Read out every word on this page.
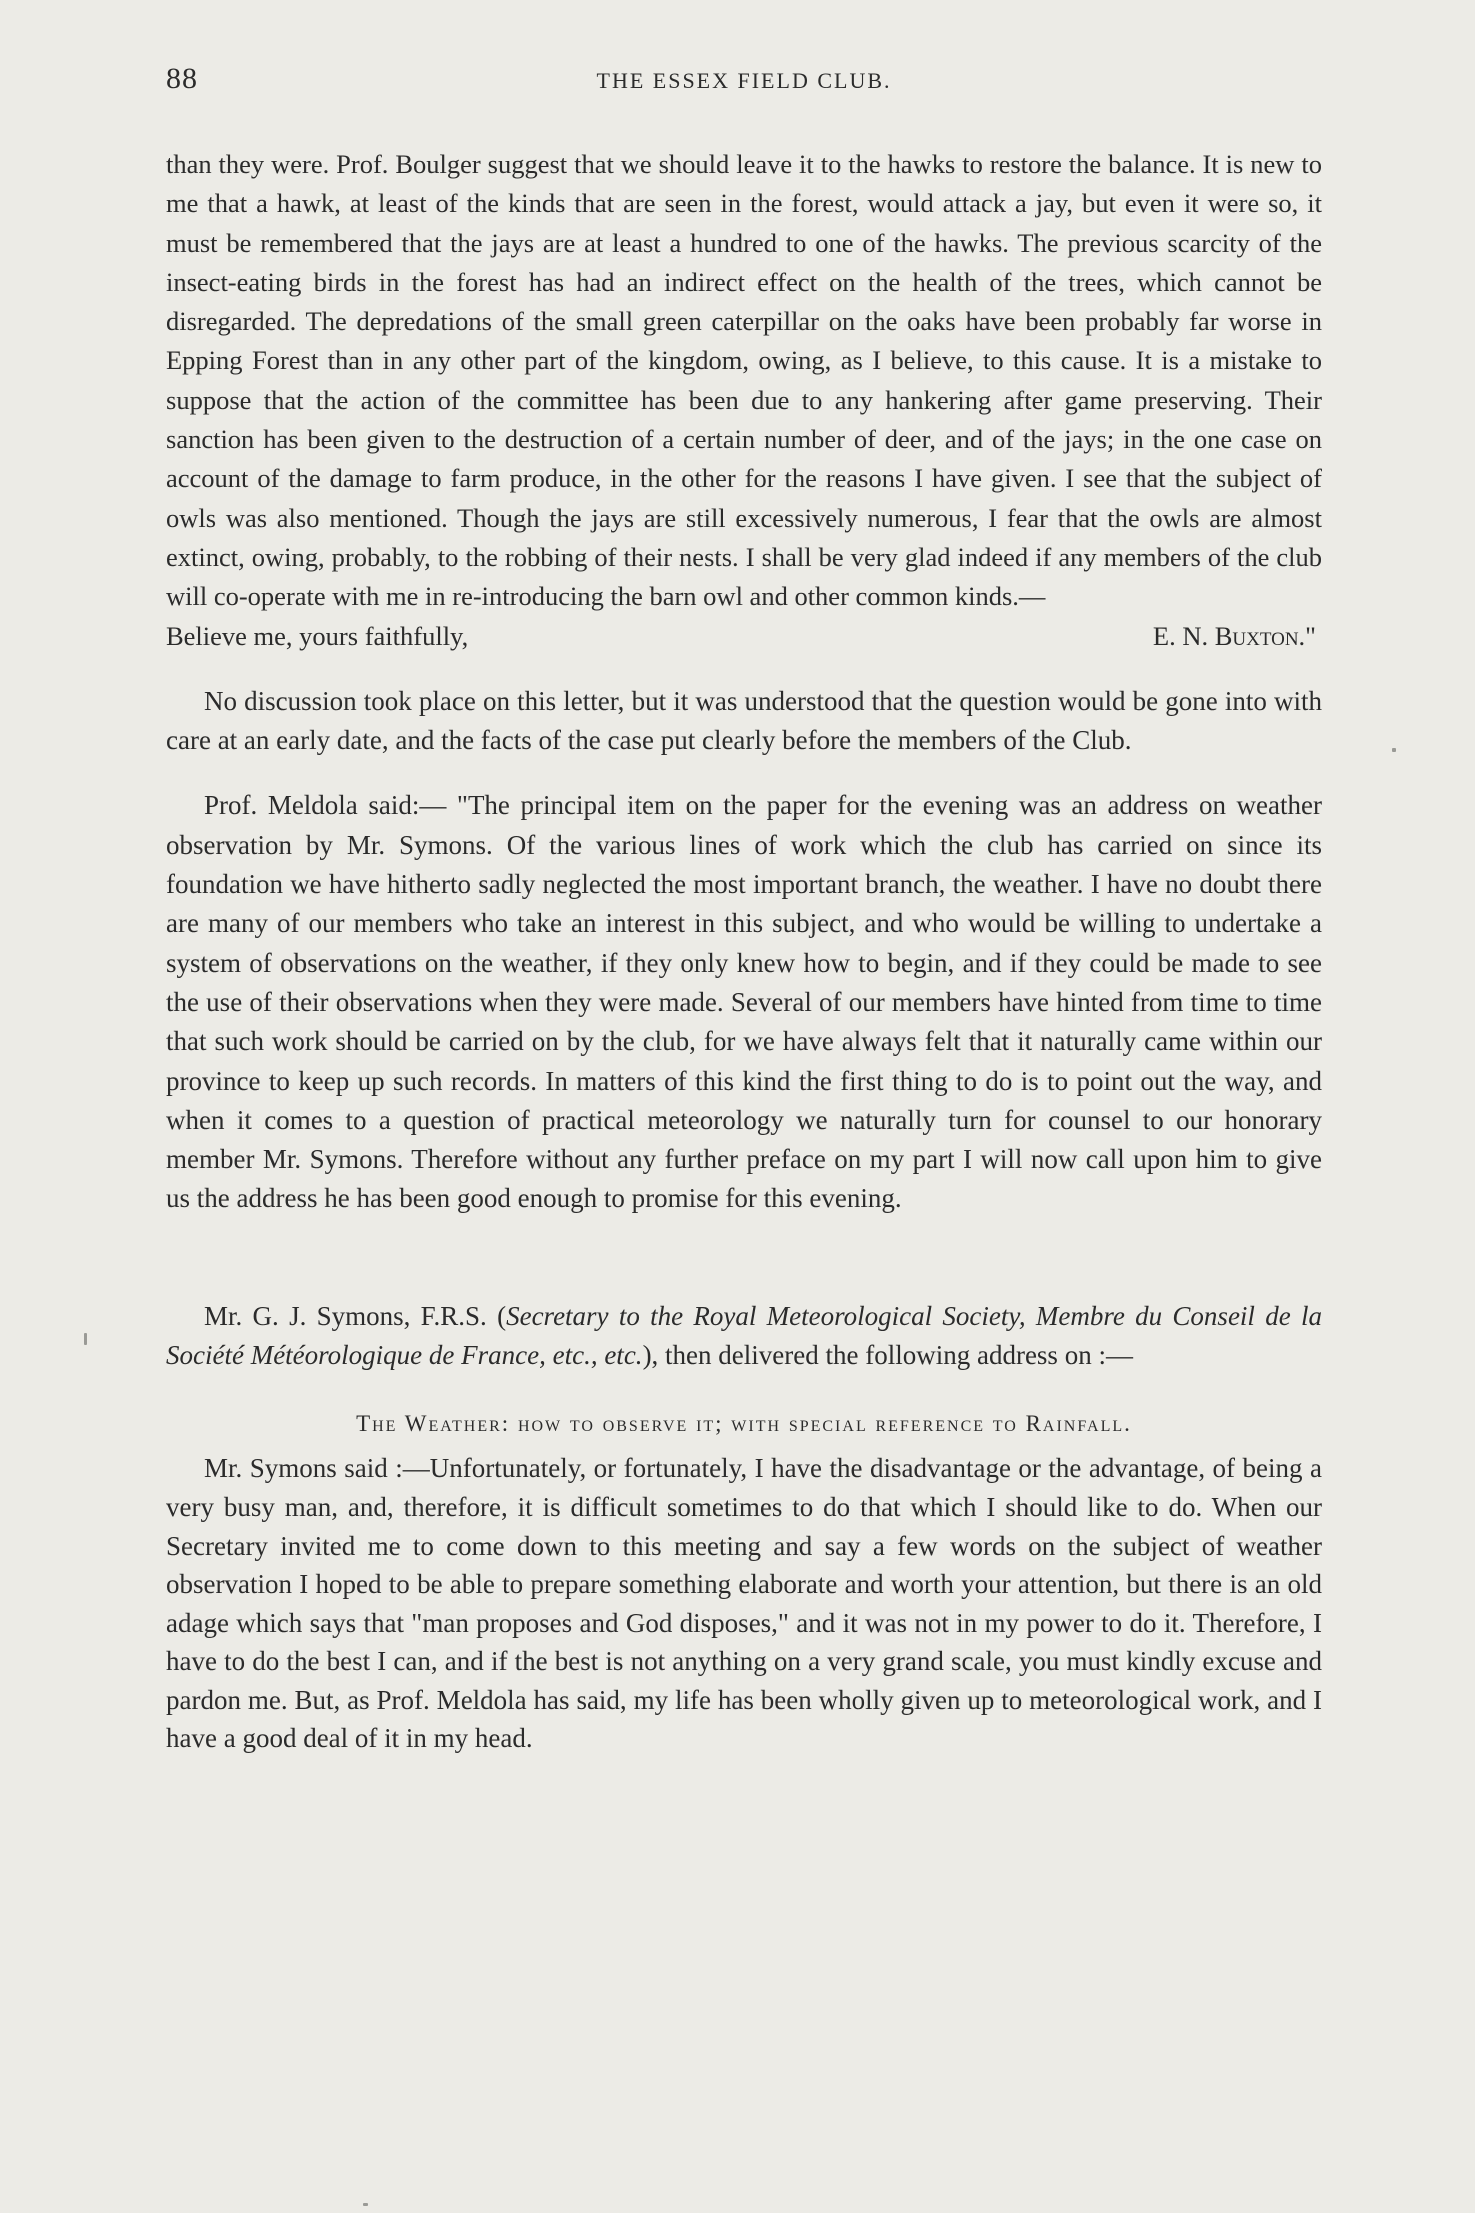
88	THE ESSEX FIELD CLUB.
than they were. Prof. Boulger suggest that we should leave it to the hawks to restore the balance. It is new to me that a hawk, at least of the kinds that are seen in the forest, would attack a jay, but even it were so, it must be remembered that the jays are at least a hundred to one of the hawks. The previous scarcity of the insect-eating birds in the forest has had an indirect effect on the health of the trees, which cannot be disregarded. The depredations of the small green caterpillar on the oaks have been probably far worse in Epping Forest than in any other part of the kingdom, owing, as I believe, to this cause. It is a mistake to suppose that the action of the committee has been due to any hankering after game preserving. Their sanction has been given to the destruction of a certain number of deer, and of the jays; in the one case on account of the damage to farm produce, in the other for the reasons I have given. I see that the subject of owls was also mentioned. Though the jays are still excessively numerous, I fear that the owls are almost extinct, owing, probably, to the robbing of their nests. I shall be very glad indeed if any members of the club will co-operate with me in re-introducing the barn owl and other common kinds.—
Believe me, yours faithfully,	E. N. Buxton."

No discussion took place on this letter, but it was understood that the question would be gone into with care at an early date, and the facts of the case put clearly before the members of the Club.

Prof. Meldola said:— "The principal item on the paper for the evening was an address on weather observation by Mr. Symons. Of the various lines of work which the club has carried on since its foundation we have hitherto sadly neglected the most important branch, the weather. I have no doubt there are many of our members who take an interest in this subject, and who would be willing to undertake a system of observations on the weather, if they only knew how to begin, and if they could be made to see the use of their observations when they were made. Several of our members have hinted from time to time that such work should be carried on by the club, for we have always felt that it naturally came within our province to keep up such records. In matters of this kind the first thing to do is to point out the way, and when it comes to a question of practical meteorology we naturally turn for counsel to our honorary member Mr. Symons. Therefore without any further preface on my part I will now call upon him to give us the address he has been good enough to promise for this evening.

Mr. G. J. Symons, F.R.S. (Secretary to the Royal Meteorological Society, Membre du Conseil de la Société Météorologique de France, etc., etc.), then delivered the following address on :—

The Weather: how to observe it; with special reference to Rainfall.

Mr. Symons said :—Unfortunately, or fortunately, I have the disadvantage or the advantage, of being a very busy man, and, therefore, it is difficult sometimes to do that which I should like to do. When our Secretary invited me to come down to this meeting and say a few words on the subject of weather observation I hoped to be able to prepare something elaborate and worth your attention, but there is an old adage which says that "man proposes and God disposes," and it was not in my power to do it. Therefore, I have to do the best I can, and if the best is not anything on a very grand scale, you must kindly excuse and pardon me. But, as Prof. Meldola has said, my life has been wholly given up to meteorological work, and I have a good deal of it in my head.
